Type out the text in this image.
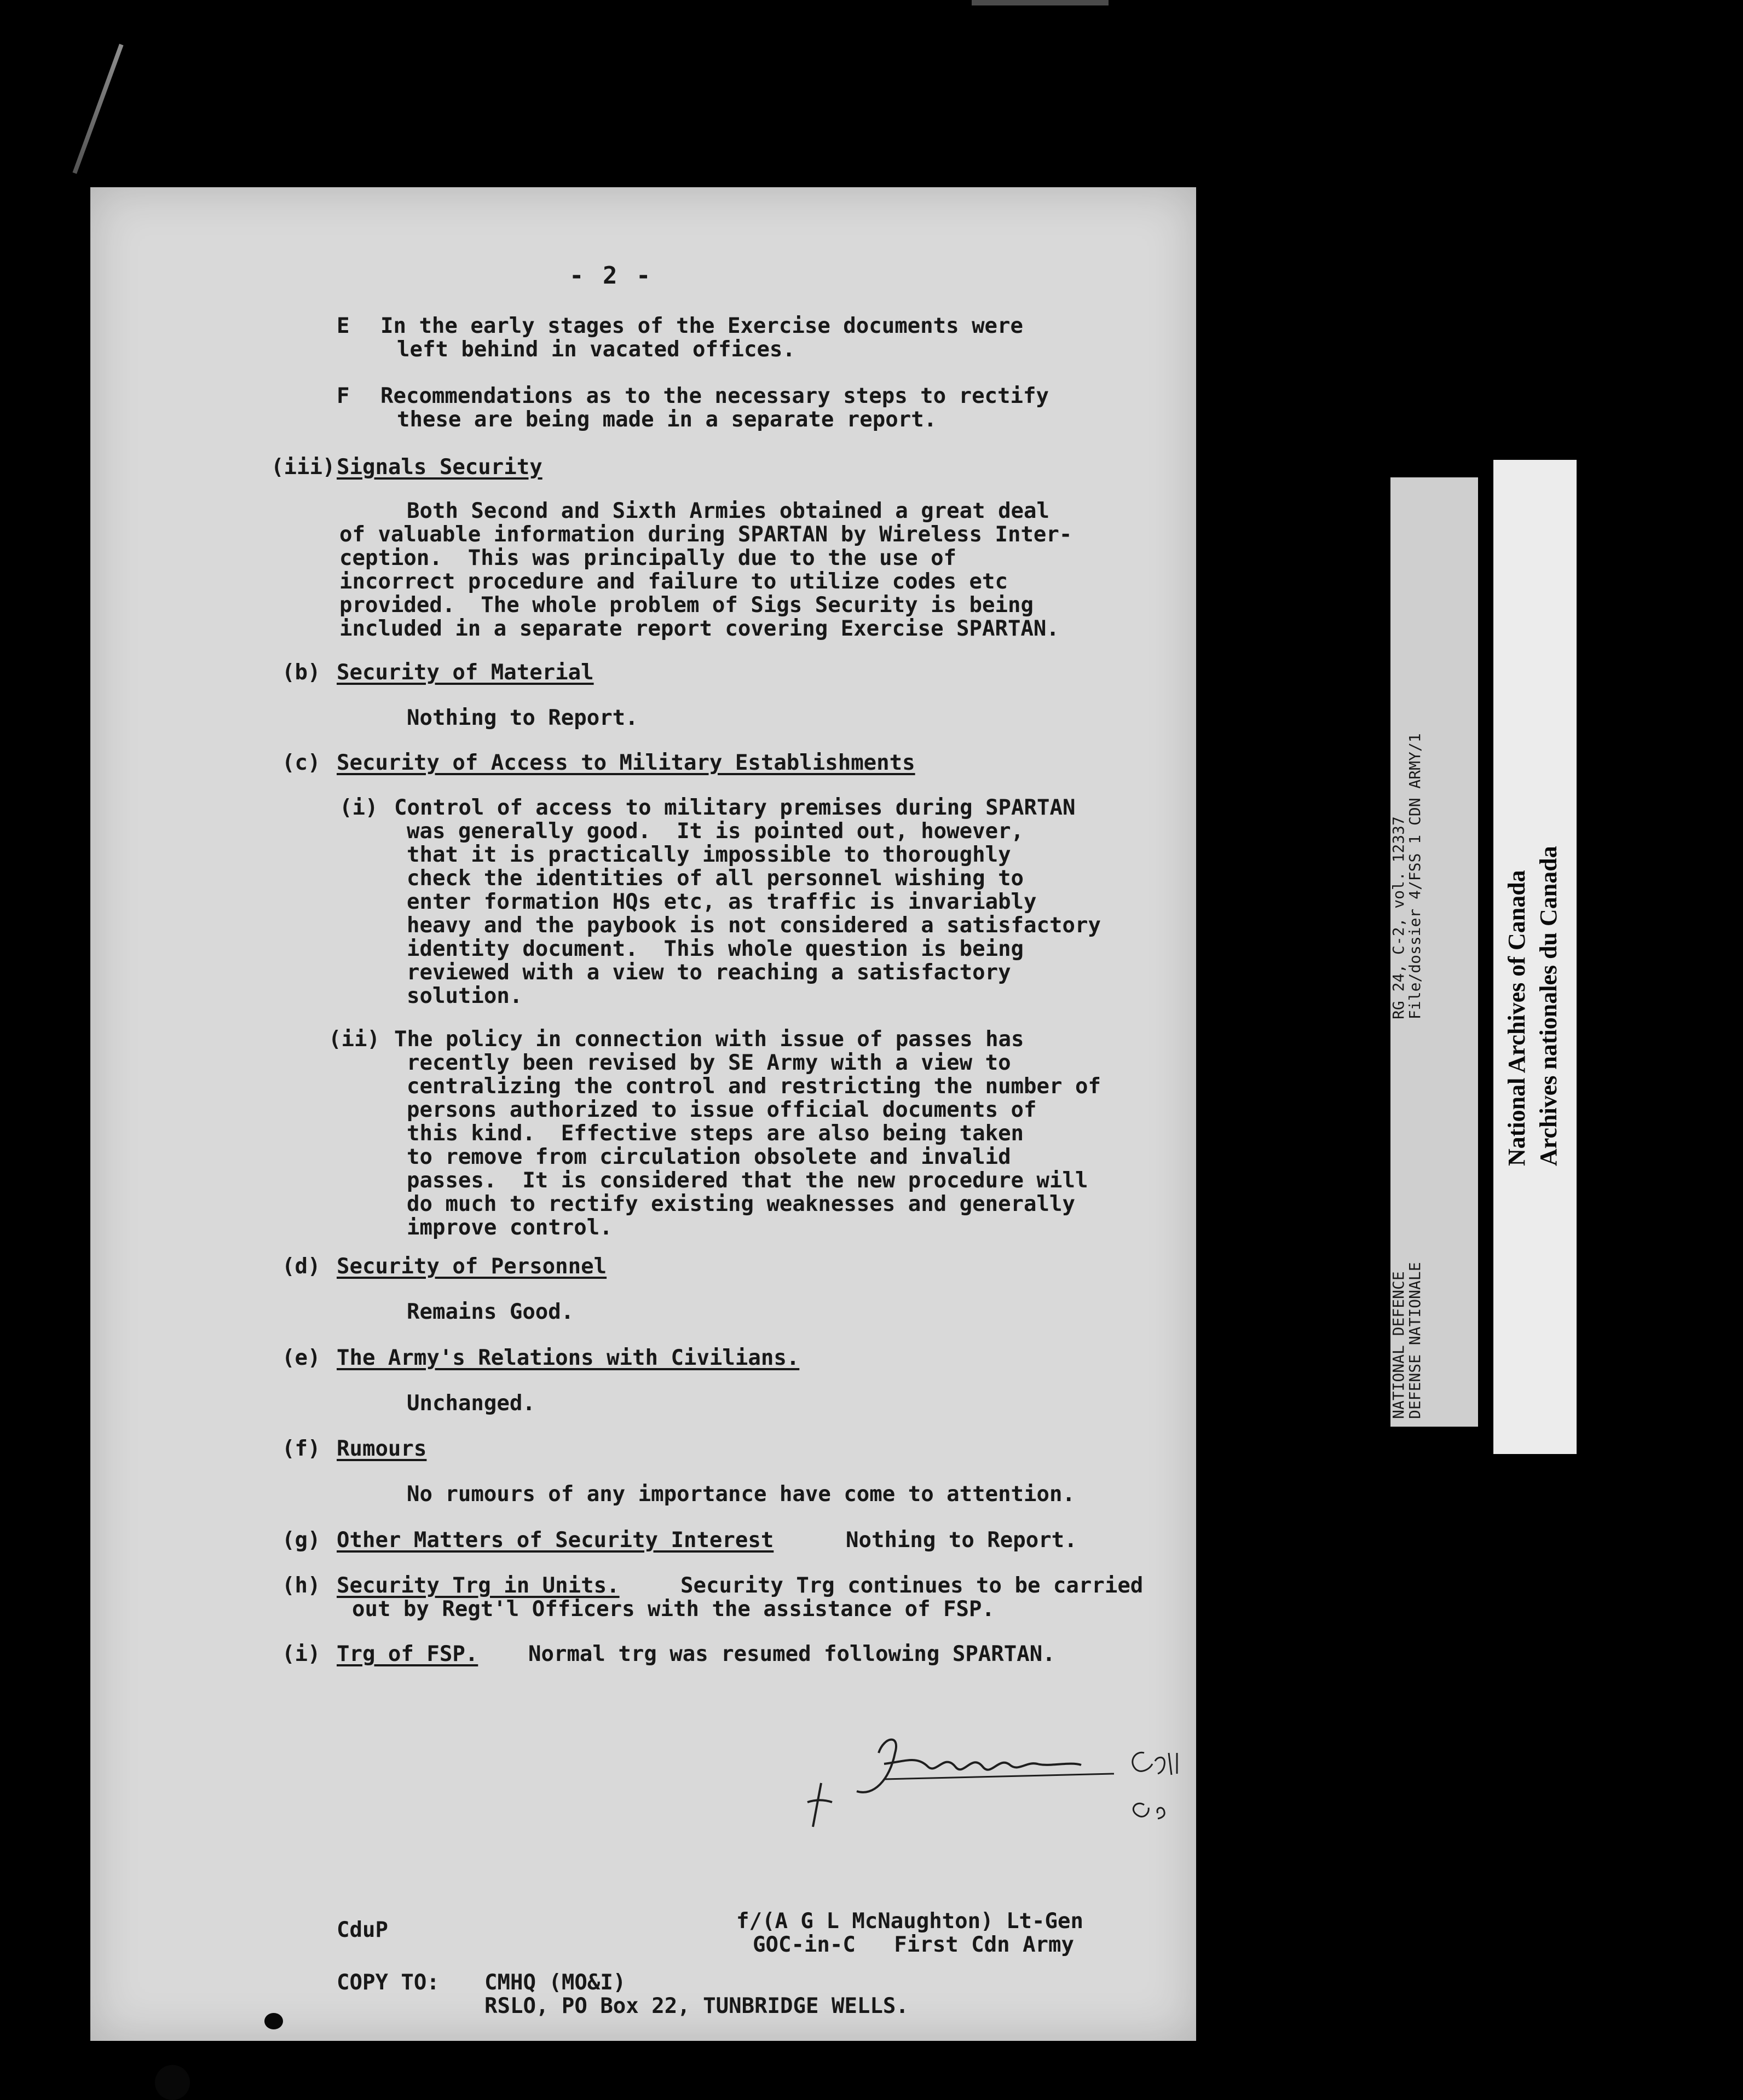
- 2 -
E In the early stages of the Exercise documents were
left behind in vacated offices.
F Recommendations as to the necessary steps to rectify
these are being made in a separate report.
(iii) Signals Security
Both Second and Sixth Armies obtained a great deal
of valuable information during SPARTAN by Wireless Inter-
ception.  This was principally due to the use of
incorrect procedure and failure to utilize codes etc
provided.  The whole problem of Sigs Security is being
included in a separate report covering Exercise SPARTAN.
(b) Security of Material
Nothing to Report.
(c) Security of Access to Military Establishments
(i) Control of access to military premises during SPARTAN
was generally good.  It is pointed out, however,
that it is practically impossible to thoroughly
check the identities of all personnel wishing to
enter formation HQs etc, as traffic is invariably
heavy and the paybook is not considered a satisfactory
identity document.  This whole question is being
reviewed with a view to reaching a satisfactory
solution.
(ii) The policy in connection with issue of passes has
recently been revised by SE Army with a view to
centralizing the control and restricting the number of
persons authorized to issue official documents of
this kind.  Effective steps are also being taken
to remove from circulation obsolete and invalid
passes.  It is considered that the new procedure will
do much to rectify existing weaknesses and generally
improve control.
(d) Security of Personnel
Remains Good.
(e) The Army's Relations with Civilians.
Unchanged.
(f) Rumours
No rumours of any importance have come to attention.
(g) Other Matters of Security Interest	Nothing to Report.
(h) Security Trg in Units.	Security Trg continues to be carried
out by Regt'l Officers with the assistance of FSP.
(i) Trg of FSP. Normal trg was resumed following SPARTAN.
CduP	f/(A G L McNaughton) Lt-Gen
GOC-in-C   First Cdn Army
COPY TO: CMHQ (MO&I)
RSLO, PO Box 22, TUNBRIDGE WELLS.
RG 24, C-2, vol. 12337
File/dossier 4/FSS 1 CDN ARMY/1
NATIONAL DEFENCE
DEFENSE NATIONALE
National Archives of Canada Archives nationales du Canada
